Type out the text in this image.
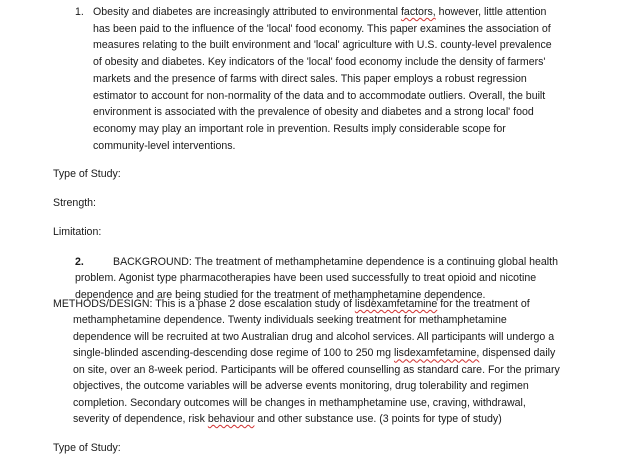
1. Obesity and diabetes are increasingly attributed to environmental factors, however, little attention
has been paid to the influence of the 'local' food economy. This paper examines the association of
measures relating to the built environment and 'local' agriculture with U.S. county-level prevalence
of obesity and diabetes. Key indicators of the 'local' food economy include the density of farmers'
markets and the presence of farms with direct sales. This paper employs a robust regression
estimator to account for non-normality of the data and to accommodate outliers. Overall, the built
environment is associated with the prevalence of obesity and diabetes and a strong local' food
economy may play an important role in prevention. Results imply considerable scope for
community-level interventions.
Type of Study:
Strength:
Limitation:
2.	BACKGROUND: The treatment of methamphetamine dependence is a continuing global health
problem. Agonist type pharmacotherapies have been used successfully to treat opioid and nicotine
dependence and are being studied for the treatment of methamphetamine dependence.
METHODS/DESIGN: This is a phase 2 dose escalation study of lisdexamfetamine for the treatment of
methamphetamine dependence. Twenty individuals seeking treatment for methamphetamine
dependence will be recruited at two Australian drug and alcohol services. All participants will undergo a
single-blinded ascending-descending dose regime of 100 to 250 mg lisdexamfetamine, dispensed daily
on site, over an 8-week period. Participants will be offered counselling as standard care. For the primary
objectives, the outcome variables will be adverse events monitoring, drug tolerability and regimen
completion. Secondary outcomes will be changes in methamphetamine use, craving, withdrawal,
severity of dependence, risk behaviour and other substance use. (3 points for type of study)
Type of Study:
